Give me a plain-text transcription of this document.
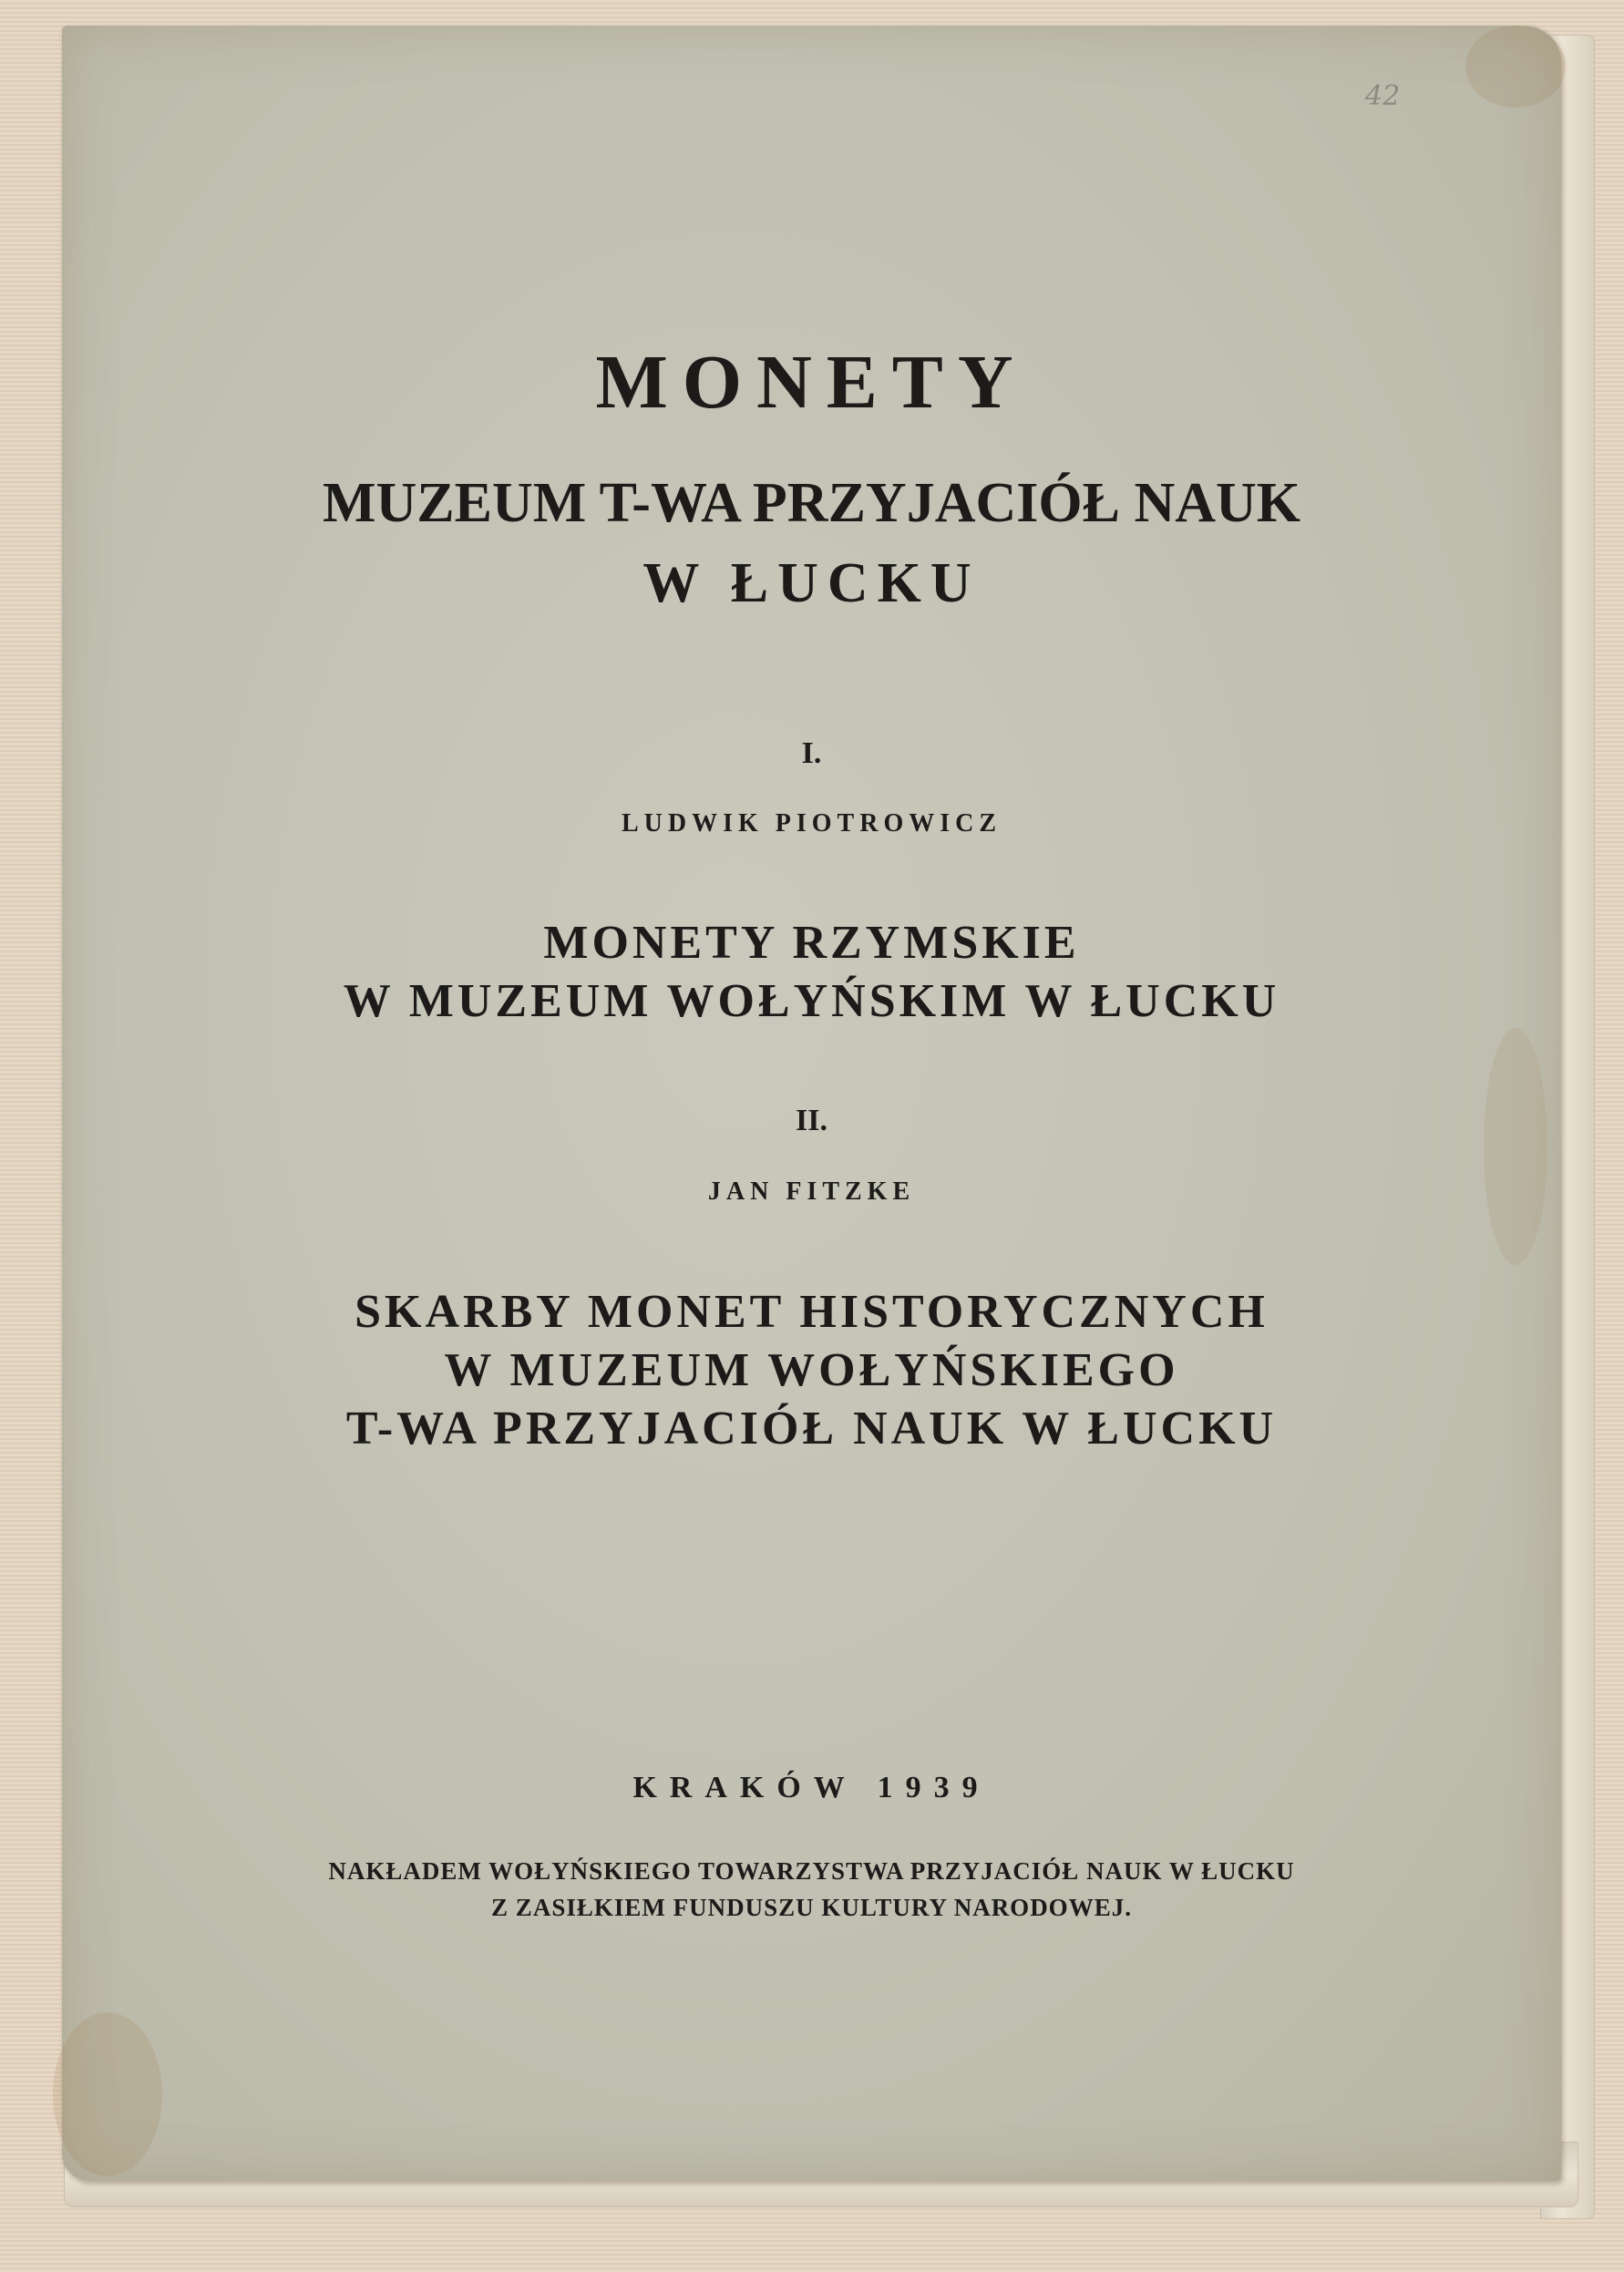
42
MONETY
MUZEUM T-WA PRZYJACIÓŁ NAUK
W ŁUCKU
I.
LUDWIK PIOTROWICZ
MONETY RZYMSKIE
W MUZEUM WOŁYŃSKIM W ŁUCKU
II.
JAN FITZKE
SKARBY MONET HISTORYCZNYCH
W MUZEUM WOŁYŃSKIEGO
T-WA PRZYJACIÓŁ NAUK W ŁUCKU
KRAKÓW 1939
NAKŁADEM WOŁYŃSKIEGO TOWARZYSTWA PRZYJACIÓŁ NAUK W ŁUCKU
Z ZASIŁKIEM FUNDUSZU KULTURY NARODOWEJ.
